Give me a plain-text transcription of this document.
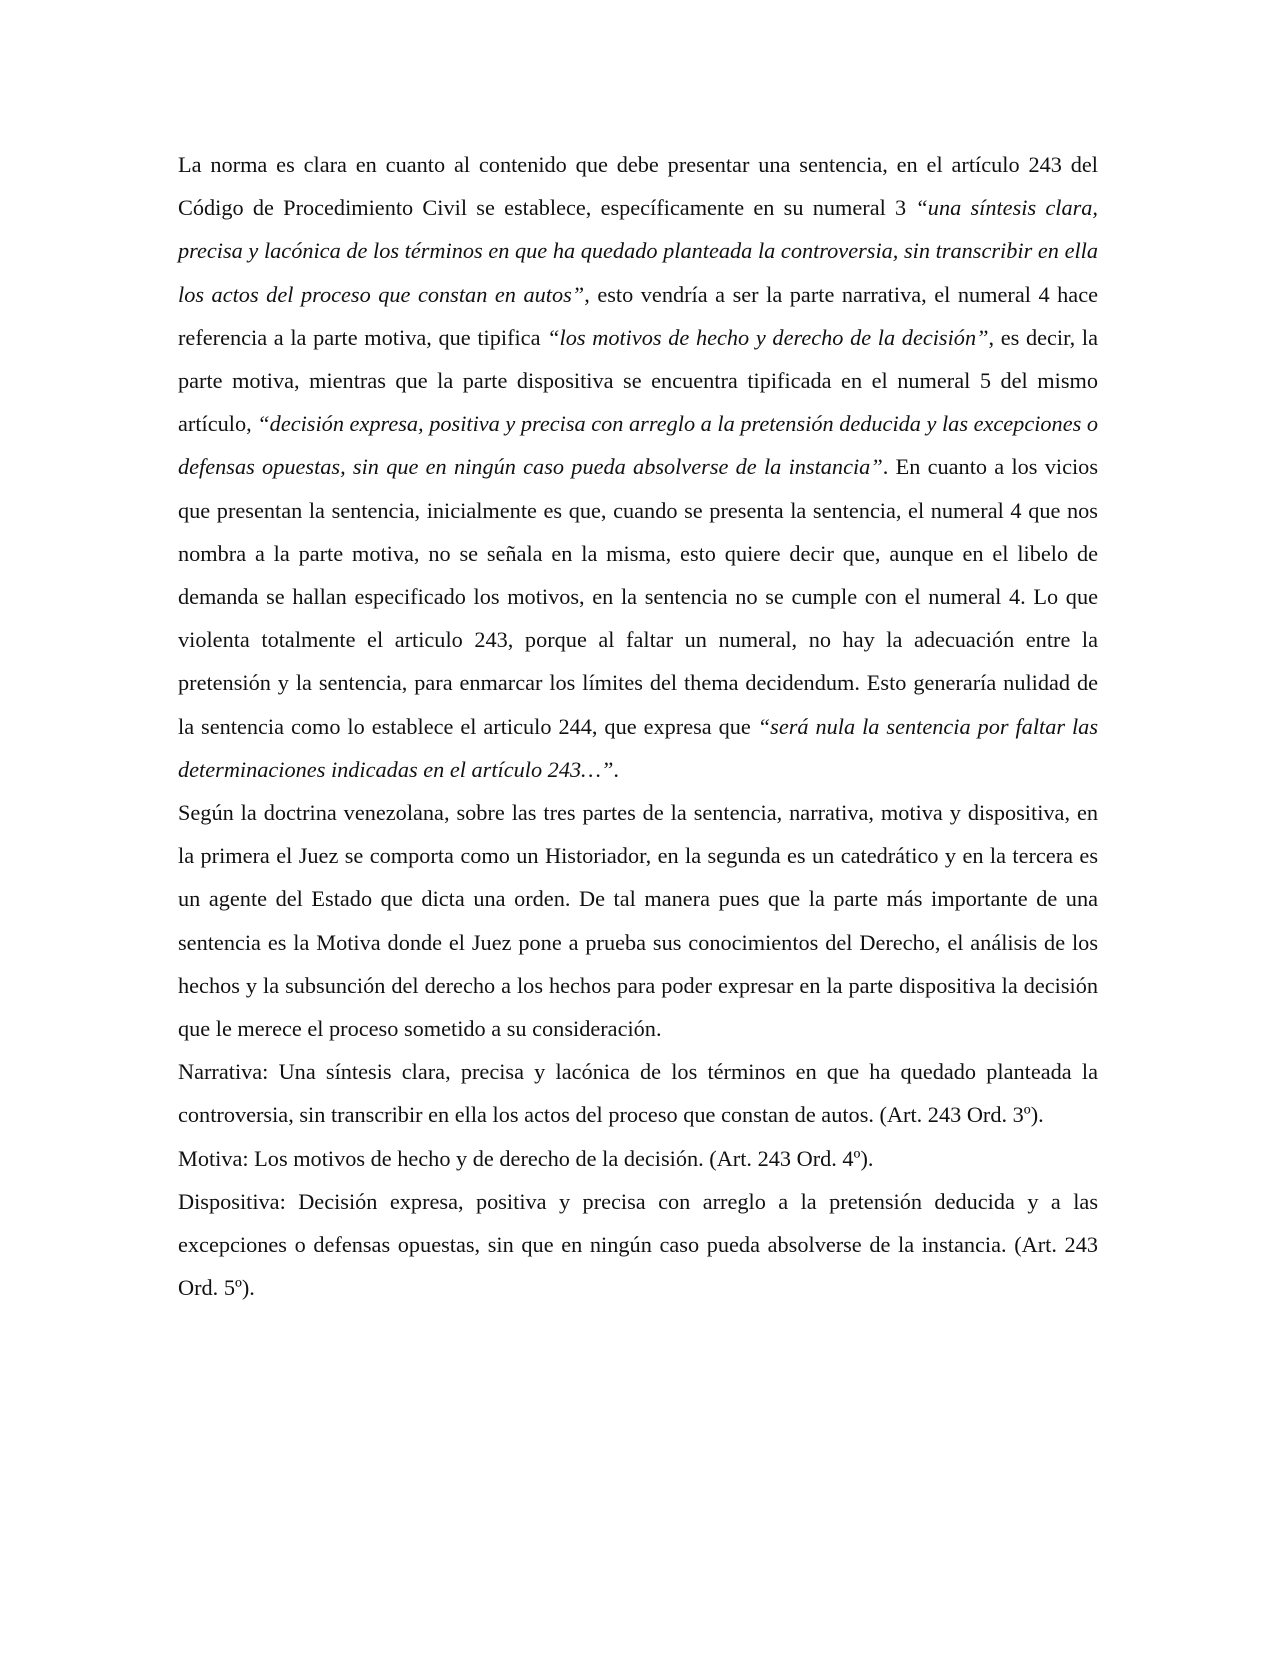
La norma es clara en cuanto al contenido que debe presentar una sentencia, en el artículo 243 del Código de Procedimiento Civil se establece, específicamente en su numeral 3 “una síntesis clara, precisa y lacónica de los términos en que ha quedado planteada la controversia, sin transcribir en ella los actos del proceso que constan en autos”, esto vendría a ser la parte narrativa, el numeral 4 hace referencia a la parte motiva, que tipifica “los motivos de hecho y derecho de la decisión”, es decir, la parte motiva, mientras que la parte dispositiva se encuentra tipificada en el numeral 5 del mismo artículo, “decisión expresa, positiva y precisa con arreglo a la pretensión deducida y las excepciones o defensas opuestas, sin que en ningún caso pueda absolverse de la instancia”. En cuanto a los vicios que presentan la sentencia, inicialmente es que, cuando se presenta la sentencia, el numeral 4 que nos nombra a la parte motiva, no se señala en la misma, esto quiere decir que, aunque en el libelo de demanda se hallan especificado los motivos, en la sentencia no se cumple con el numeral 4. Lo que violenta totalmente el articulo 243, porque al faltar un numeral, no hay la adecuación entre la pretensión y la sentencia, para enmarcar los límites del thema decidendum. Esto generaría nulidad de la sentencia como lo establece el articulo 244, que expresa que “será nula la sentencia por faltar las determinaciones indicadas en el artículo 243…”.

Según la doctrina venezolana, sobre las tres partes de la sentencia, narrativa, motiva y dispositiva, en la primera el Juez se comporta como un Historiador, en la segunda es un catedrático y en la tercera es un agente del Estado que dicta una orden. De tal manera pues que la parte más importante de una sentencia es la Motiva donde el Juez pone a prueba sus conocimientos del Derecho, el análisis de los hechos y la subsunción del derecho a los hechos para poder expresar en la parte dispositiva la decisión que le merece el proceso sometido a su consideración.

Narrativa: Una síntesis clara, precisa y lacónica de los términos en que ha quedado planteada la controversia, sin transcribir en ella los actos del proceso que constan de autos. (Art. 243 Ord. 3º).

Motiva: Los motivos de hecho y de derecho de la decisión. (Art. 243 Ord. 4º).

Dispositiva: Decisión expresa, positiva y precisa con arreglo a la pretensión deducida y a las excepciones o defensas opuestas, sin que en ningún caso pueda absolverse de la instancia. (Art. 243 Ord. 5º).
